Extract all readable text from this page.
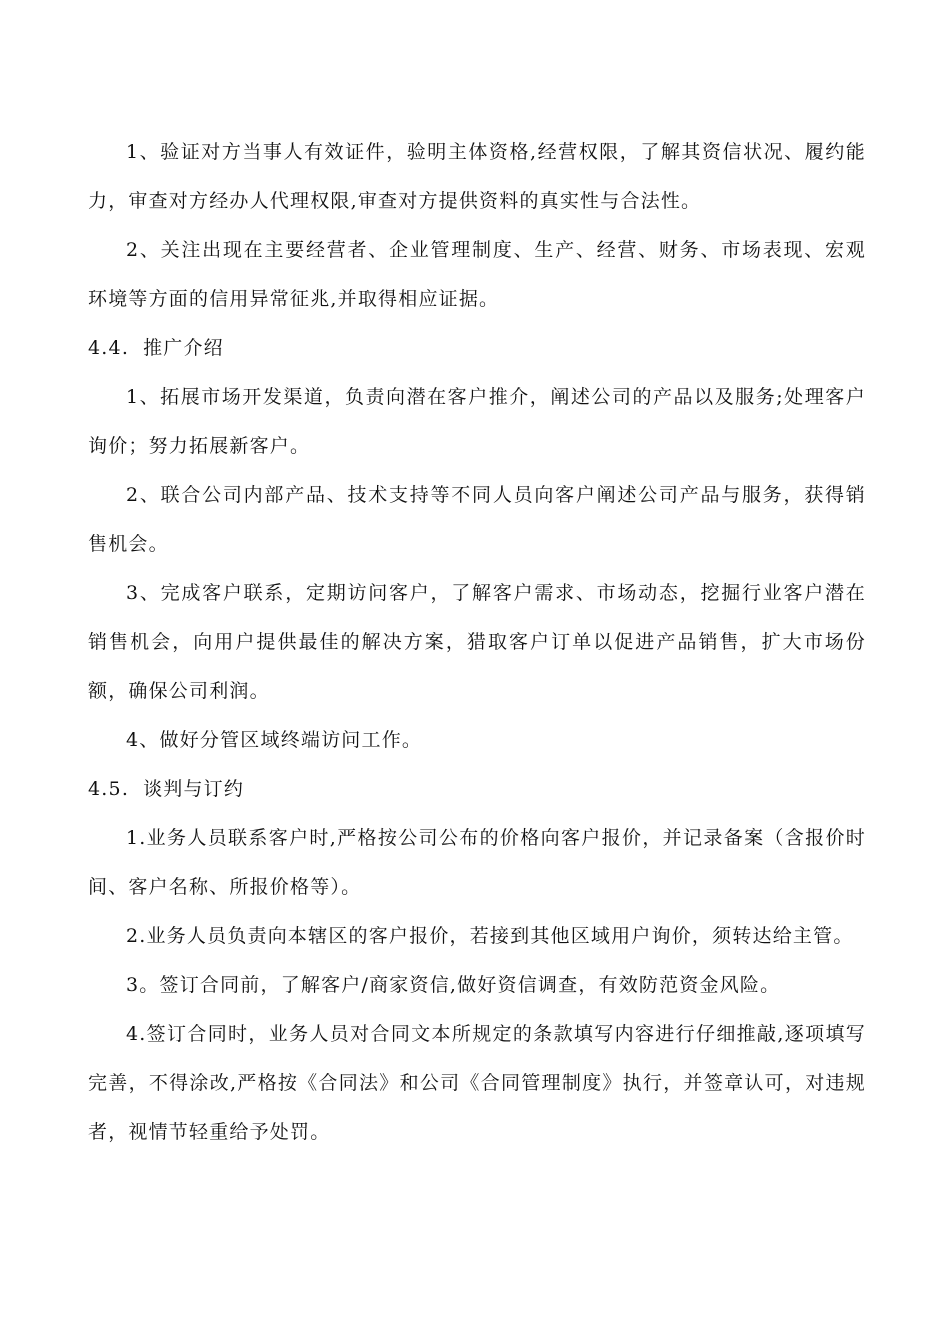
1、验证对方当事人有效证件，验明主体资格,经营权限，了解其资信状况、履约能力，审查对方经办人代理权限,审查对方提供资料的真实性与合法性。

2、关注出现在主要经营者、企业管理制度、生产、经营、财务、市场表现、宏观环境等方面的信用异常征兆,并取得相应证据。

4.4. 推广介绍

1、拓展市场开发渠道，负责向潜在客户推介，阐述公司的产品以及服务;处理客户询价；努力拓展新客户。

2、联合公司内部产品、技术支持等不同人员向客户阐述公司产品与服务，获得销售机会。

3、完成客户联系，定期访问客户，了解客户需求、市场动态，挖掘行业客户潜在销售机会，向用户提供最佳的解决方案，猎取客户订单以促进产品销售，扩大市场份额，确保公司利润。

4、做好分管区域终端访问工作。

4.5. 谈判与订约

1.业务人员联系客户时,严格按公司公布的价格向客户报价，并记录备案（含报价时间、客户名称、所报价格等）。

2.业务人员负责向本辖区的客户报价，若接到其他区域用户询价，须转达给主管。

3。签订合同前，了解客户/商家资信,做好资信调查，有效防范资金风险。

4.签订合同时，业务人员对合同文本所规定的条款填写内容进行仔细推敲,逐项填写完善，不得涂改,严格按《合同法》和公司《合同管理制度》执行，并签章认可，对违规者，视情节轻重给予处罚。
